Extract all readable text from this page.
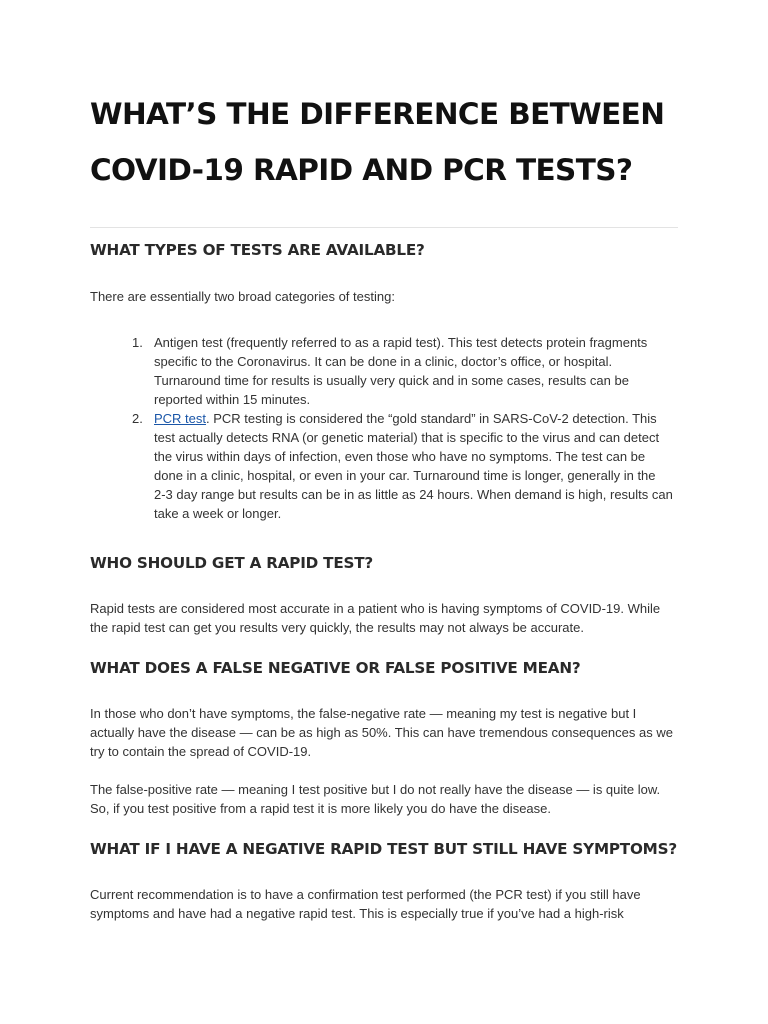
WHAT’S THE DIFFERENCE BETWEEN
COVID-19 RAPID AND PCR TESTS?
WHAT TYPES OF TESTS ARE AVAILABLE?

There are essentially two broad categories of testing:

1. Antigen test (frequently referred to as a rapid test). This test detects protein fragments
specific to the Coronavirus. It can be done in a clinic, doctor’s office, or hospital.
Turnaround time for results is usually very quick and in some cases, results can be
reported within 15 minutes.
2. PCR test. PCR testing is considered the “gold standard” in SARS-CoV-2 detection. This
test actually detects RNA (or genetic material) that is specific to the virus and can detect
the virus within days of infection, even those who have no symptoms. The test can be
done in a clinic, hospital, or even in your car. Turnaround time is longer, generally in the
2-3 day range but results can be in as little as 24 hours. When demand is high, results can
take a week or longer.
WHO SHOULD GET A RAPID TEST?

Rapid tests are considered most accurate in a patient who is having symptoms of COVID-19. While
the rapid test can get you results very quickly, the results may not always be accurate.

WHAT DOES A FALSE NEGATIVE OR FALSE POSITIVE MEAN?

In those who don’t have symptoms, the false-negative rate — meaning my test is negative but I
actually have the disease — can be as high as 50%. This can have tremendous consequences as we
try to contain the spread of COVID-19.

The false-positive rate — meaning I test positive but I do not really have the disease — is quite low.
So, if you test positive from a rapid test it is more likely you do have the disease.

WHAT IF I HAVE A NEGATIVE RAPID TEST BUT STILL HAVE SYMPTOMS?

Current recommendation is to have a confirmation test performed (the PCR test) if you still have
symptoms and have had a negative rapid test. This is especially true if you’ve had a high-risk
